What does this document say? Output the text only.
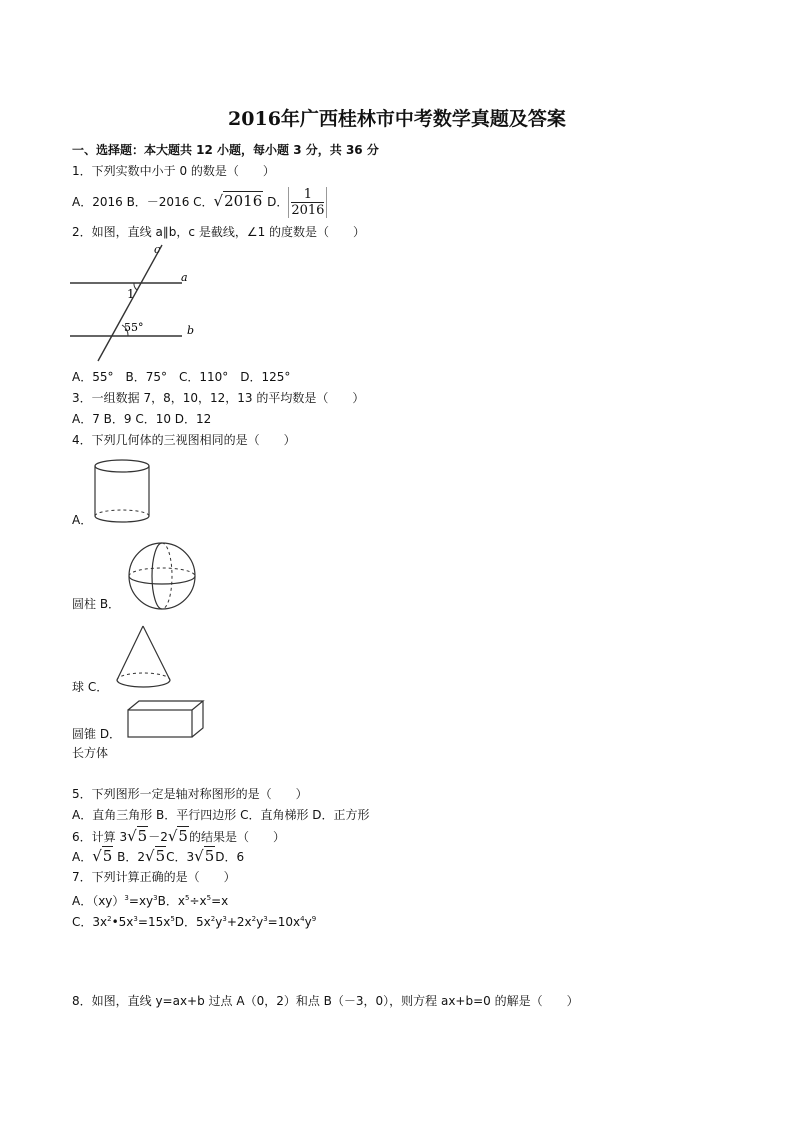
2016年广西桂林市中考数学真题及答案
一、选择题：本大题共 12 小题，每小题 3 分，共 36 分
1．下列实数中小于 0 的数是（　　）
A．2016 B．－2016 C．√2016 D． $\frac{1}{2016}$
2．如图，直线 a∥b，c 是截线，∠1 的度数是（　　）
c
a
b
1
55°
A．55°　B．75°　C．110°　D．125°
3．一组数据 7，8，10，12，13 的平均数是（　　）
A．7 B．9 C．10 D．12
4．下列几何体的三视图相同的是（　　）
A．
圆柱 B．
球 C．
圆锥 D．
长方体
5．下列图形一定是轴对称图形的是（　　）
A．直角三角形 B．平行四边形 C．直角梯形 D．正方形
6．计算 3√5－2√5的结果是（　　）
A．√5 B．2√5C．3√5D．6
7．下列计算正确的是（　　）
A．$(xy)^3=xy^3B$．$x^5\div x^5=x$
C．$3x^2•5x^3=15x^5D$．$5x^2y^3+2x^2y^3=10x^4y^9$
8．如图，直线 y=ax+b 过点 A（0，2）和点 B（－3，0），则方程 ax+b=0 的解是（　　）
